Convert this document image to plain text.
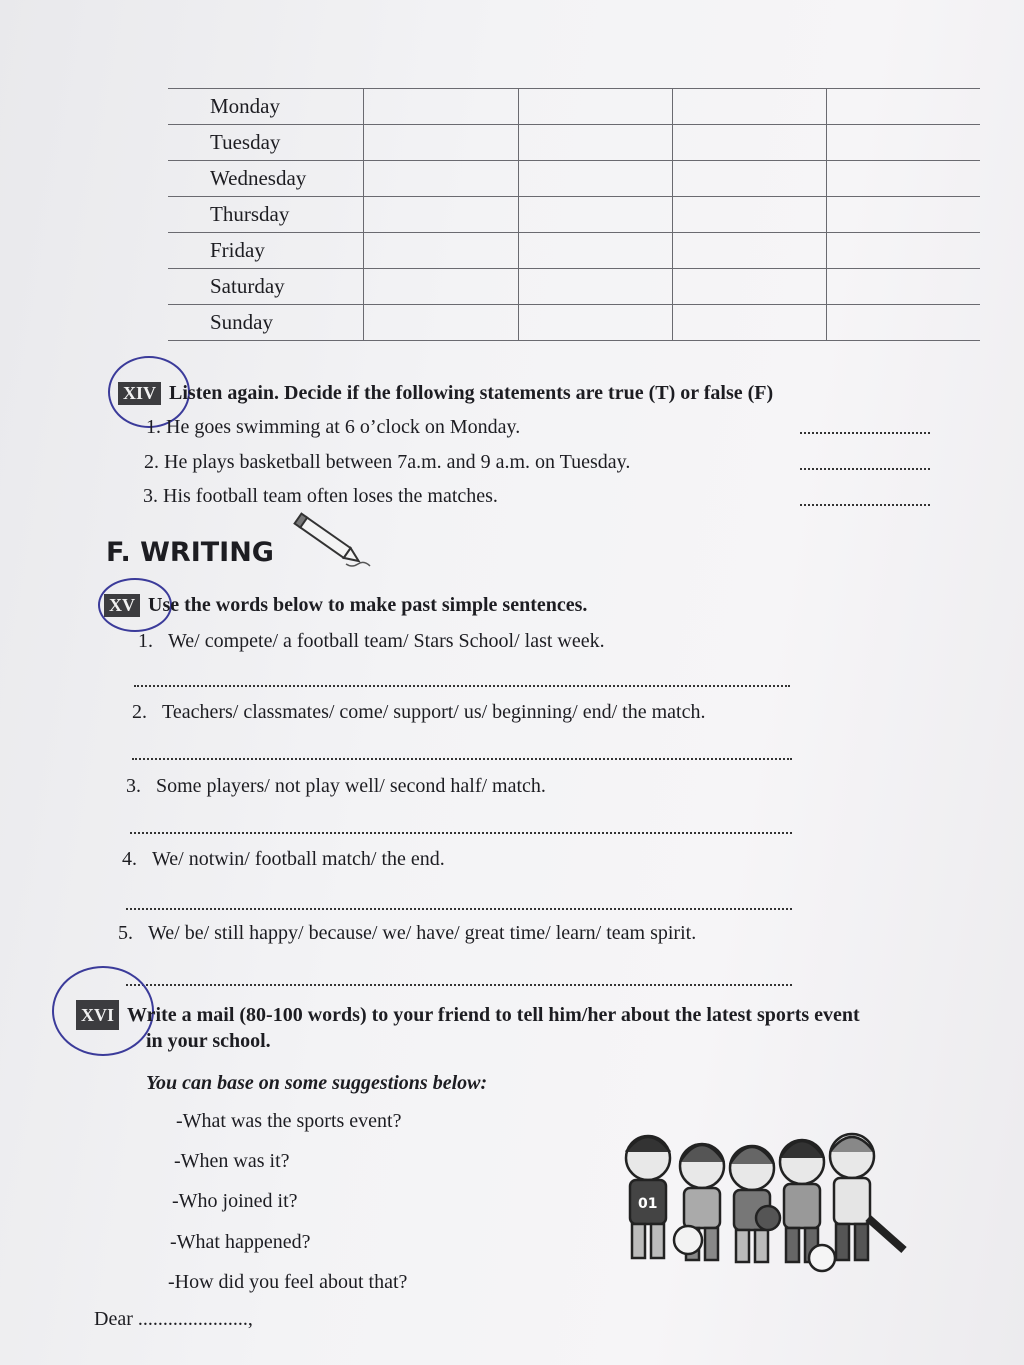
Monday				
Tuesday				
Wednesday				
Thursday				
Friday				
Saturday				
Sunday				
XIV Listen again. Decide if the following statements are true (T) or false (F)
1. He goes swimming at 6 o’clock on Monday.
2. He plays basketball between 7a.m. and 9 a.m. on Tuesday.
3. His football team often loses the matches.
F. WRITING
XV Use the words below to make past simple sentences.
1. We/ compete/ a football team/ Stars School/ last week.
2. Teachers/ classmates/ come/ support/ us/ beginning/ end/ the match.
3. Some players/ not play well/ second half/ match.
4. We/ notwin/ football match/ the end.
5. We/ be/ still happy/ because/ we/ have/ great time/ learn/ team spirit.
XVI Write a mail (80-100 words) to your friend to tell him/her about the latest sports event
in your school.
You can base on some suggestions below:
-What was the sports event?
-When was it?
-Who joined it?
-What happened?
-How did you feel about that?
Dear ......................,
01
